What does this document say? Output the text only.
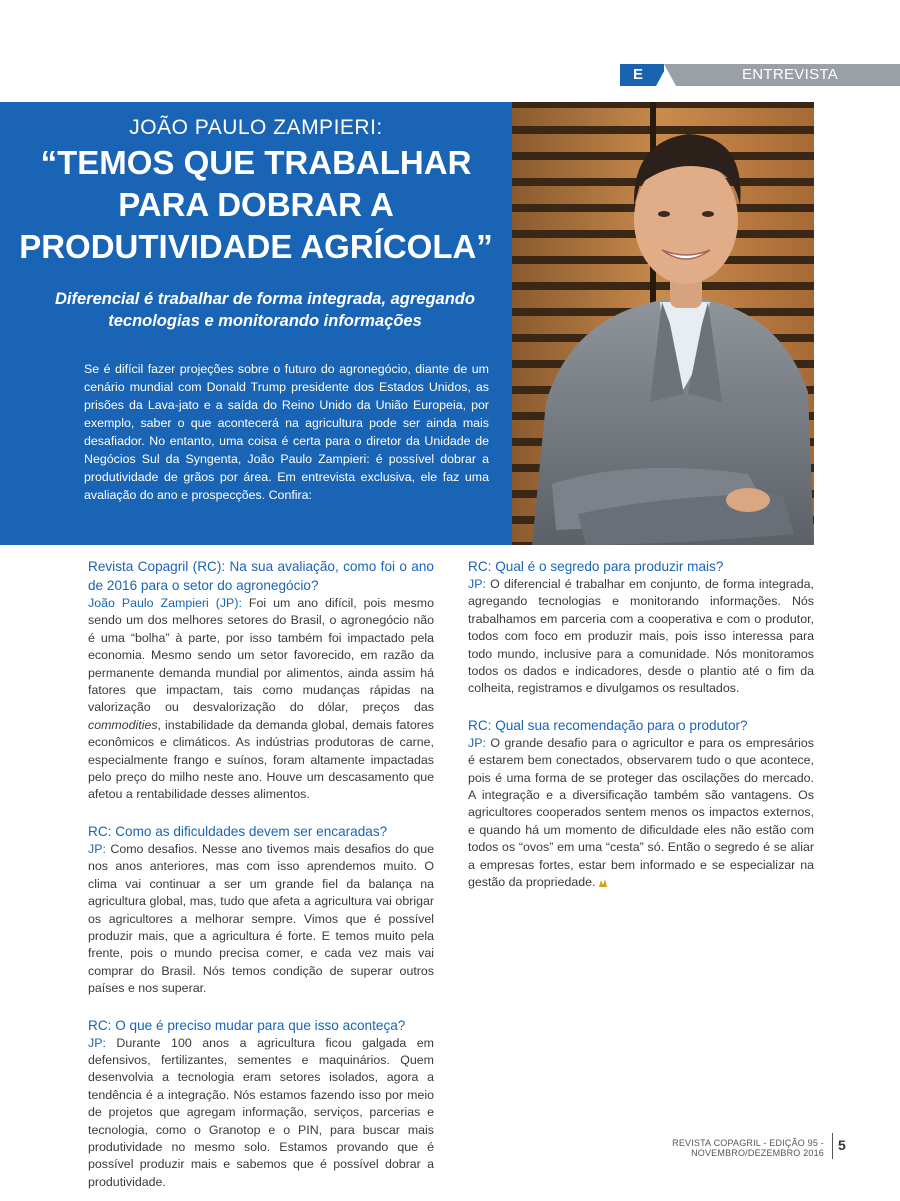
E	ENTREVISTA
JOÃO PAULO ZAMPIERI:
“TEMOS QUE TRABALHAR
PARA DOBRAR A
PRODUTIVIDADE AGRÍCOLA”
Diferencial é trabalhar de forma integrada, agregando tecnologias e monitorando informações
Se é difícil fazer projeções sobre o futuro do agronegócio, diante de um cenário mundial com Donald Trump presidente dos Estados Unidos, as prisões da Lava-jato e a saída do Reino Unido da União Europeia, por exemplo, saber o que acontecerá na agricultura pode ser ainda mais desafiador. No entanto, uma coisa é certa para o diretor da Unidade de Negócios Sul da Syngenta, João Paulo Zampieri: é possível dobrar a produtividade de grãos por área. Em entrevista exclusiva, ele faz uma avaliação do ano e prospecções. Confira:

Revista Copagril (RC): Na sua avaliação, como foi o ano de 2016 para o setor do agronegócio?

João Paulo Zampieri (JP): Foi um ano difícil, pois mesmo sendo um dos melhores setores do Brasil, o agronegócio não é uma “bolha” à parte, por isso também foi impactado pela economia. Mesmo sendo um setor favorecido, em razão da permanente demanda mundial por alimentos, ainda assim há fatores que impactam, tais como mudanças rápidas na valorização ou desvalorização do dólar, preços das commodities, instabilidade da demanda global, demais fatores econômicos e climáticos. As indústrias produtoras de carne, especialmente frango e suínos, foram altamente impactadas pelo preço do milho neste ano. Houve um descasamento que afetou a rentabilidade desses alimentos.

RC: Como as dificuldades devem ser encaradas?

JP: Como desafios. Nesse ano tivemos mais desafios do que nos anos anteriores, mas com isso aprendemos muito. O clima vai continuar a ser um grande fiel da balança na agricultura global, mas, tudo que afeta a agricultura vai obrigar os agricultores a melhorar sempre. Vimos que é possível produzir mais, que a agricultura é forte. E temos muito pela frente, pois o mundo precisa comer, e cada vez mais vai comprar do Brasil. Nós temos condição de superar outros países e nos superar.

RC: O que é preciso mudar para que isso aconteça?

JP: Durante 100 anos a agricultura ficou galgada em defensivos, fertilizantes, sementes e maquinários. Quem desenvolvia a tecnologia eram setores isolados, agora a tendência é a integração. Nós estamos fazendo isso por meio de projetos que agregam informação, serviços, parcerias e tecnologia, como o Granotop e o PIN, para buscar mais produtividade no mesmo solo. Estamos provando que é possível produzir mais e sabemos que é possível dobrar a produtividade.

RC: Qual é o segredo para produzir mais?

JP: O diferencial é trabalhar em conjunto, de forma integrada, agregando tecnologias e monitorando informações. Nós trabalhamos em parceria com a cooperativa e com o produtor, todos com foco em produzir mais, pois isso interessa para todo mundo, inclusive para a comunidade. Nós monitoramos todos os dados e indicadores, desde o plantio até o fim da colheita, registramos e divulgamos os resultados.

RC: Qual sua recomendação para o produtor?

JP: O grande desafio para o agricultor e para os empresários é estarem bem conectados, observarem tudo o que acontece, pois é uma forma de se proteger das oscilações do mercado. A integração e a diversificação também são vantagens. Os agricultores cooperados sentem menos os impactos externos, e quando há um momento de dificuldade eles não estão com todos os “ovos” em uma “cesta” só. Então o segredo é se aliar a empresas fortes, estar bem informado e se especializar na gestão da propriedade.

REVISTA COPAGRIL - EDIÇÃO 95 - NOVEMBRO/DEZEMBRO 2016 5
